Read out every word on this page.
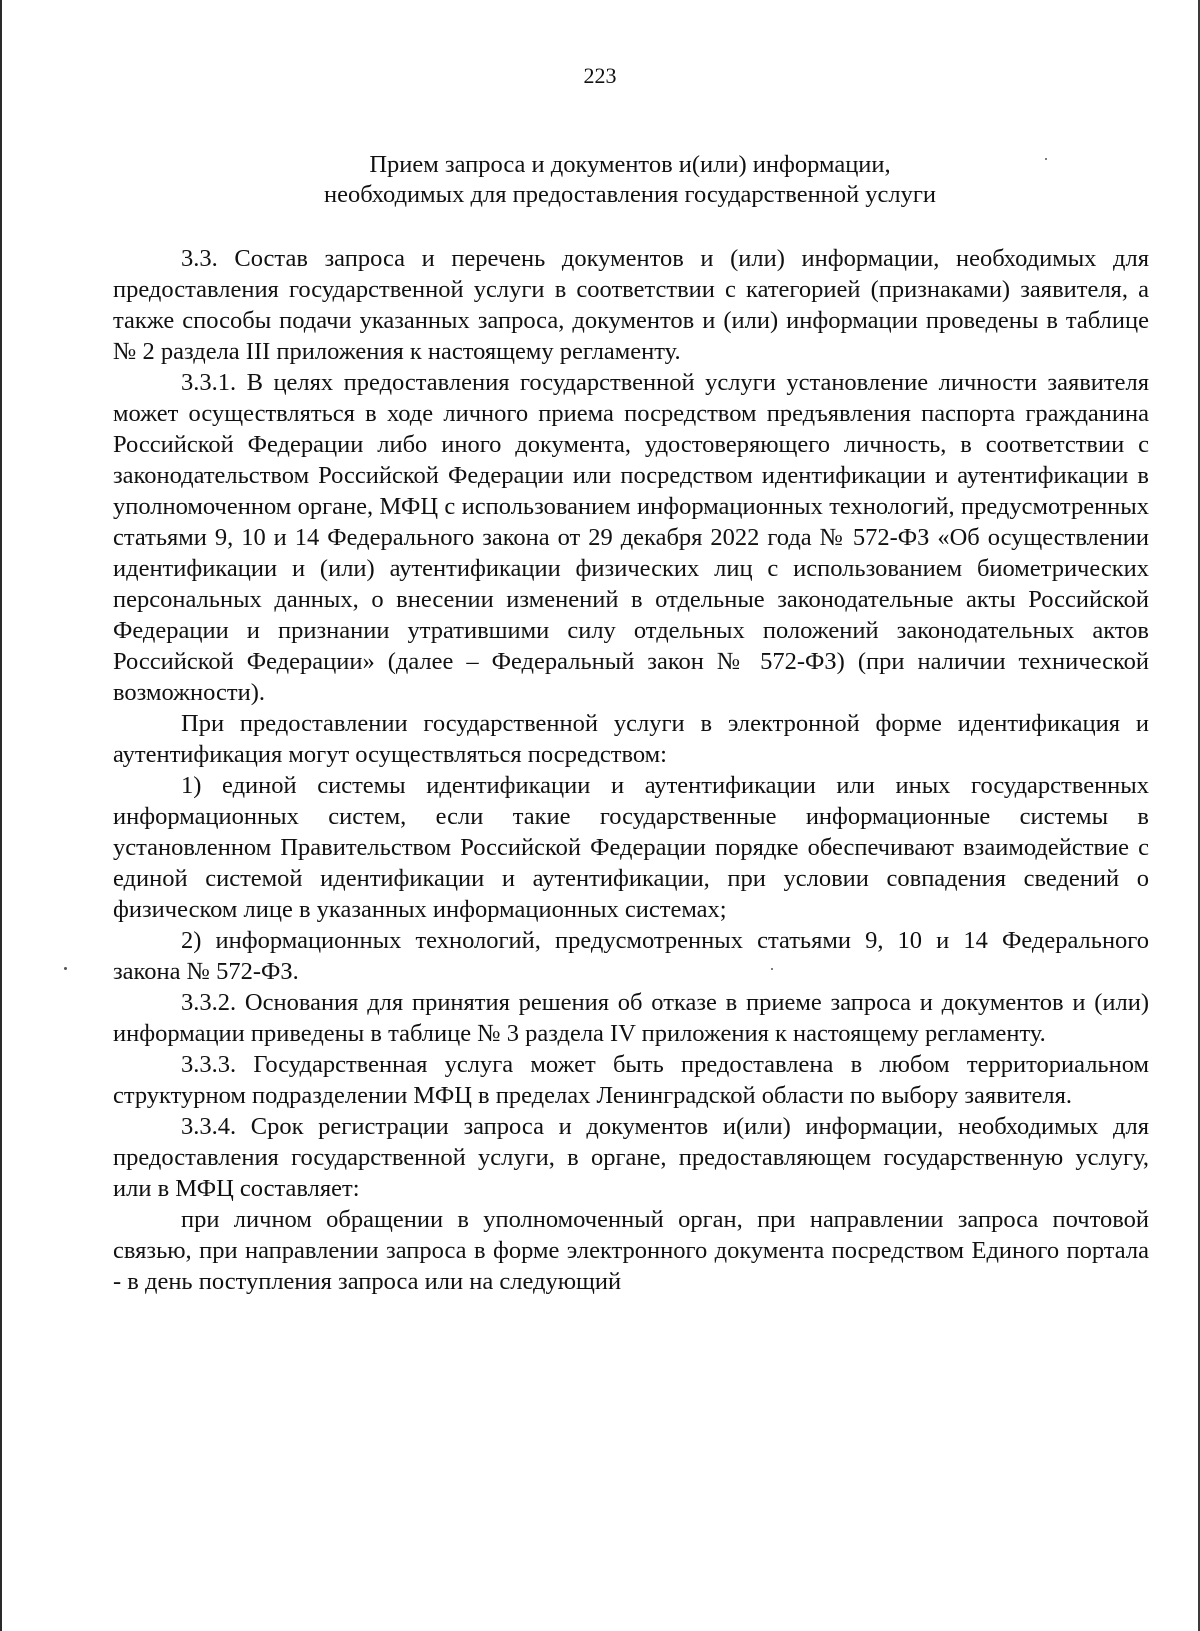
223
Прием запроса и документов и(или) информации,
необходимых для предоставления государственной услуги

3.3. Состав запроса и перечень документов и (или) информации, необходимых для предоставления государственной услуги в соответствии с категорией (признаками) заявителя, а также способы подачи указанных запроса, документов и (или) информации проведены в таблице № 2 раздела III приложения к настоящему регламенту.

3.3.1. В целях предоставления государственной услуги установление личности заявителя может осуществляться в ходе личного приема посредством предъявления паспорта гражданина Российской Федерации либо иного документа, удостоверяющего личность, в соответствии с законодательством Российской Федерации или посредством идентификации и аутентификации в уполномоченном органе, МФЦ с использованием информационных технологий, предусмотренных статьями 9, 10 и 14 Федерального закона от 29 декабря 2022 года № 572-ФЗ «Об осуществлении идентификации и (или) аутентификации физических лиц с использованием биометрических персональных данных, о внесении изменений в отдельные законодательные акты Российской Федерации и признании утратившими силу отдельных положений законодательных актов Российской Федерации» (далее – Федеральный закон № 572-ФЗ) (при наличии технической возможности).

При предоставлении государственной услуги в электронной форме идентификация и аутентификация могут осуществляться посредством:

1) единой системы идентификации и аутентификации или иных государственных информационных систем, если такие государственные информационные системы в установленном Правительством Российской Федерации порядке обеспечивают взаимодействие с единой системой идентификации и аутентификации, при условии совпадения сведений о физическом лице в указанных информационных системах;

2) информационных технологий, предусмотренных статьями 9, 10 и 14 Федерального закона № 572-ФЗ.

3.3.2. Основания для принятия решения об отказе в приеме запроса и документов и (или) информации приведены в таблице № 3 раздела IV приложения к настоящему регламенту.

3.3.3. Государственная услуга может быть предоставлена в любом территориальном структурном подразделении МФЦ в пределах Ленинградской области по выбору заявителя.

3.3.4. Срок регистрации запроса и документов и(или) информации, необходимых для предоставления государственной услуги, в органе, предоставляющем государственную услугу, или в МФЦ составляет:

при личном обращении в уполномоченный орган, при направлении запроса почтовой связью, при направлении запроса в форме электронного документа посредством Единого портала - в день поступления запроса или на следующий
